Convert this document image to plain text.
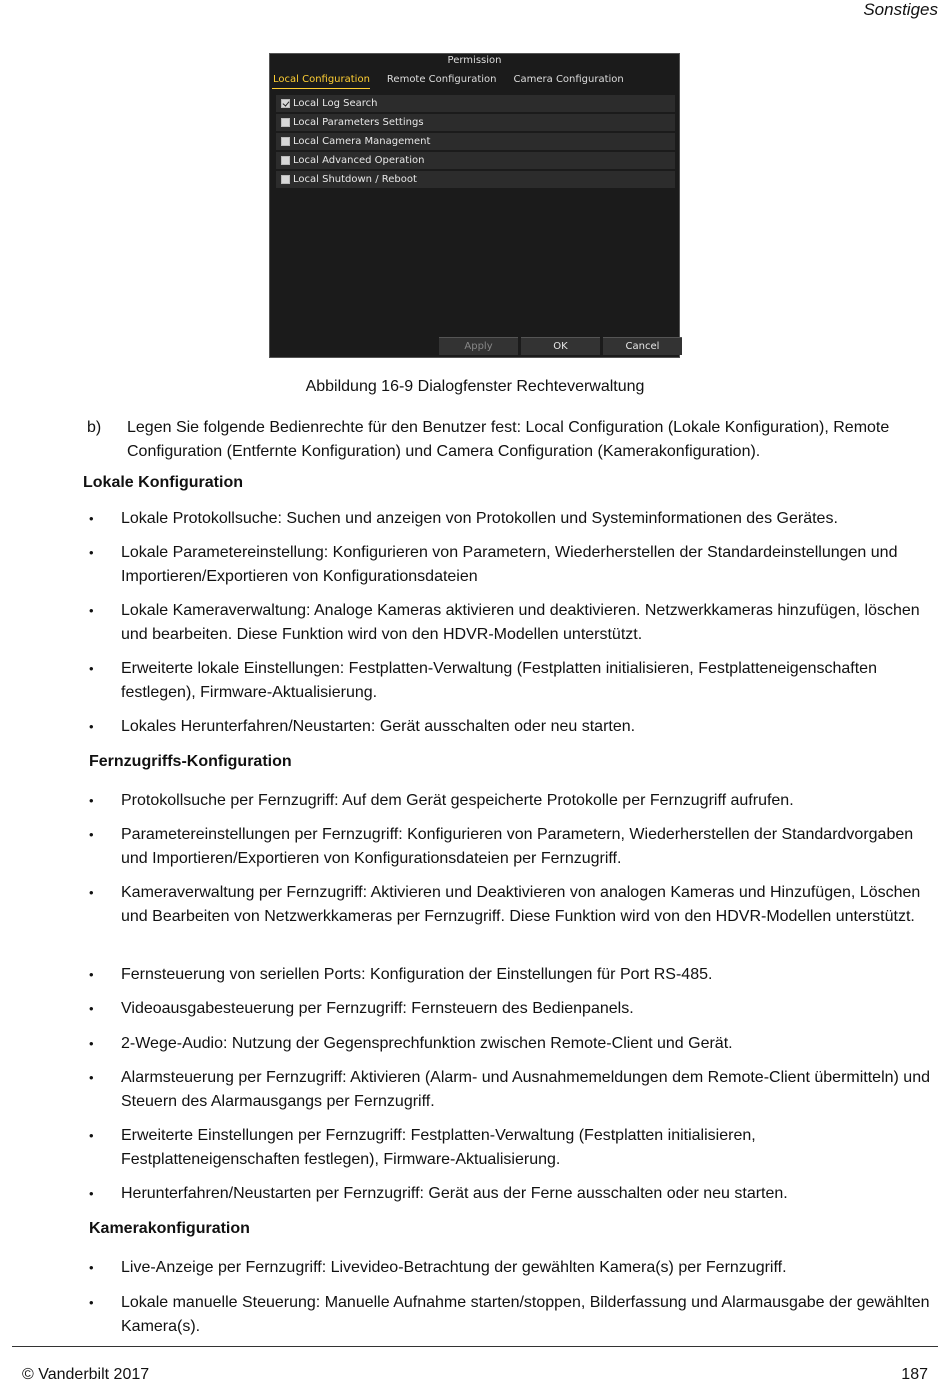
Sonstiges
Permission
Local Configuration Remote Configuration Camera Configuration
Local Log Search
Local Parameters Settings
Local Camera Management
Local Advanced Operation
Local Shutdown / Reboot
Apply	OK	Cancel
Abbildung 16-9 Dialogfenster Rechteverwaltung
b) Legen Sie folgende Bedienrechte für den Benutzer fest: Local Configuration (Lokale Konfiguration), Remote Configuration (Entfernte Konfiguration) und Camera Configuration (Kamerakonfiguration).
Lokale Konfiguration
• Lokale Protokollsuche: Suchen und anzeigen von Protokollen und Systeminformationen des Gerätes.
• Lokale Parametereinstellung: Konfigurieren von Parametern, Wiederherstellen der Standardeinstellungen und Importieren/Exportieren von Konfigurationsdateien
• Lokale Kameraverwaltung: Analoge Kameras aktivieren und deaktivieren. Netzwerkkameras hinzufügen, löschen und bearbeiten. Diese Funktion wird von den HDVR-Modellen unterstützt.
• Erweiterte lokale Einstellungen: Festplatten-Verwaltung (Festplatten initialisieren, Festplatteneigenschaften festlegen), Firmware-Aktualisierung.
• Lokales Herunterfahren/Neustarten: Gerät ausschalten oder neu starten.
Fernzugriffs-Konfiguration
• Protokollsuche per Fernzugriff: Auf dem Gerät gespeicherte Protokolle per Fernzugriff aufrufen.
• Parametereinstellungen per Fernzugriff: Konfigurieren von Parametern, Wiederherstellen der Standardvorgaben und Importieren/Exportieren von Konfigurationsdateien per Fernzugriff.
• Kameraverwaltung per Fernzugriff: Aktivieren und Deaktivieren von analogen Kameras und Hinzufügen, Löschen und Bearbeiten von Netzwerkkameras per Fernzugriff. Diese Funktion wird von den HDVR-Modellen unterstützt.
• Fernsteuerung von seriellen Ports: Konfiguration der Einstellungen für Port RS-485.
• Videoausgabesteuerung per Fernzugriff: Fernsteuern des Bedienpanels.
• 2-Wege-Audio: Nutzung der Gegensprechfunktion zwischen Remote-Client und Gerät.
• Alarmsteuerung per Fernzugriff: Aktivieren (Alarm- und Ausnahmemeldungen dem Remote-Client übermitteln) und Steuern des Alarmausgangs per Fernzugriff.
• Erweiterte Einstellungen per Fernzugriff: Festplatten-Verwaltung (Festplatten initialisieren, Festplatteneigenschaften festlegen), Firmware-Aktualisierung.
• Herunterfahren/Neustarten per Fernzugriff: Gerät aus der Ferne ausschalten oder neu starten.
Kamerakonfiguration
• Live-Anzeige per Fernzugriff: Livevideo-Betrachtung der gewählten Kamera(s) per Fernzugriff.
• Lokale manuelle Steuerung: Manuelle Aufnahme starten/stoppen, Bilderfassung und Alarmausgabe der gewählten Kamera(s).
© Vanderbilt 2017	187
